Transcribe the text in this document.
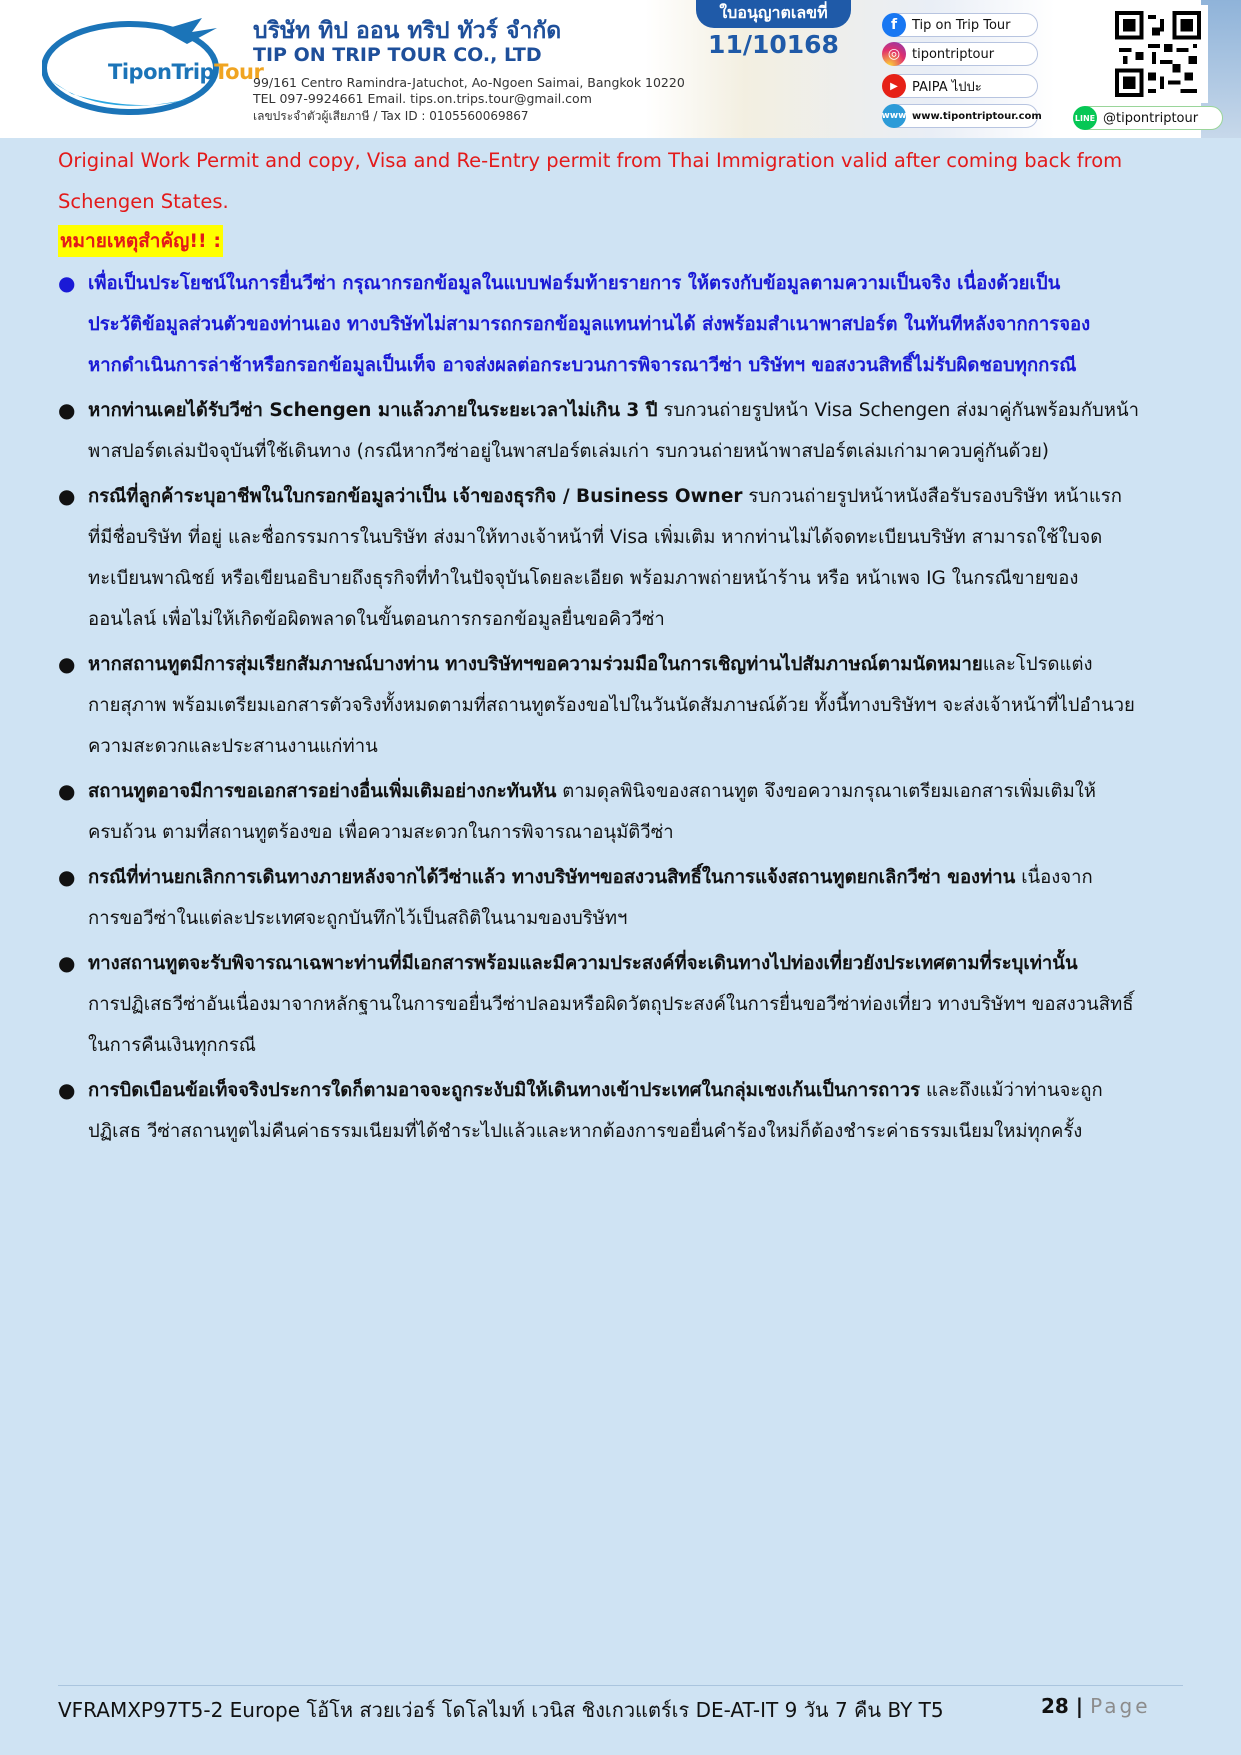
TiponTripTour
บริษัท ทิป ออน ทริป ทัวร์ จำกัด
TIP ON TRIP TOUR CO., LTD
99/161 Centro Ramindra-Jatuchot, Ao-Ngoen Saimai, Bangkok 10220
TEL 097-9924661 Email. tips.on.trips.tour@gmail.com
เลขประจำตัวผู้เสียภาษี / Tax ID : 0105560069867
ใบอนุญาตเลขที่
11/10168
f	Tip on Trip Tour
◎ tipontriptour
▶	PAIPA ไปปะ
www www.tipontriptour.com	LINE @tipontriptour
Original Work Permit and copy, Visa and Re-Entry permit from Thai Immigration valid after coming back from
Schengen States.
หมายเหตุสำคัญ!! :
● เพื่อเป็นประโยชน์ในการยื่นวีซ่า กรุณากรอกข้อมูลในแบบฟอร์มท้ายรายการ ให้ตรงกับข้อมูลตามความเป็นจริง เนื่องด้วยเป็น
ประวัติข้อมูลส่วนตัวของท่านเอง ทางบริษัทไม่สามารถกรอกข้อมูลแทนท่านได้ ส่งพร้อมสำเนาพาสปอร์ต ในทันทีหลังจากการจอง
หากดำเนินการล่าช้าหรือกรอกข้อมูลเป็นเท็จ อาจส่งผลต่อกระบวนการพิจารณาวีซ่า บริษัทฯ ขอสงวนสิทธิ์ไม่รับผิดชอบทุกกรณี
● หากท่านเคยได้รับวีซ่า Schengen มาแล้วภายในระยะเวลาไม่เกิน 3 ปี รบกวนถ่ายรูปหน้า Visa Schengen ส่งมาคู่กันพร้อมกับหน้า
พาสปอร์ตเล่มปัจจุบันที่ใช้เดินทาง (กรณีหากวีซ่าอยู่ในพาสปอร์ตเล่มเก่า รบกวนถ่ายหน้าพาสปอร์ตเล่มเก่ามาควบคู่กันด้วย)
● กรณีที่ลูกค้าระบุอาชีพในใบกรอกข้อมูลว่าเป็น เจ้าของธุรกิจ / Business Owner รบกวนถ่ายรูปหน้าหนังสือรับรองบริษัท หน้าแรก
ที่มีชื่อบริษัท ที่อยู่ และชื่อกรรมการในบริษัท ส่งมาให้ทางเจ้าหน้าที่ Visa เพิ่มเติม หากท่านไม่ได้จดทะเบียนบริษัท สามารถใช้ใบจด
ทะเบียนพาณิชย์ หรือเขียนอธิบายถึงธุรกิจที่ทำในปัจจุบันโดยละเอียด พร้อมภาพถ่ายหน้าร้าน หรือ หน้าเพจ IG ในกรณีขายของ
ออนไลน์ เพื่อไม่ให้เกิดข้อผิดพลาดในขั้นตอนการกรอกข้อมูลยื่นขอคิววีซ่า
● หากสถานทูตมีการสุ่มเรียกสัมภาษณ์บางท่าน ทางบริษัทฯขอความร่วมมือในการเชิญท่านไปสัมภาษณ์ตามนัดหมายและโปรดแต่ง
กายสุภาพ พร้อมเตรียมเอกสารตัวจริงทั้งหมดตามที่สถานทูตร้องขอไปในวันนัดสัมภาษณ์ด้วย ทั้งนี้ทางบริษัทฯ จะส่งเจ้าหน้าที่ไปอำนวย
ความสะดวกและประสานงานแก่ท่าน
● สถานทูตอาจมีการขอเอกสารอย่างอื่นเพิ่มเติมอย่างกะทันหัน ตามดุลพินิจของสถานทูต จึงขอความกรุณาเตรียมเอกสารเพิ่มเติมให้
ครบถ้วน ตามที่สถานทูตร้องขอ เพื่อความสะดวกในการพิจารณาอนุมัติวีซ่า
● กรณีที่ท่านยกเลิกการเดินทางภายหลังจากได้วีซ่าแล้ว ทางบริษัทฯขอสงวนสิทธิ์ในการแจ้งสถานทูตยกเลิกวีซ่า ของท่าน เนื่องจาก
การขอวีซ่าในแต่ละประเทศจะถูกบันทึกไว้เป็นสถิติในนามของบริษัทฯ
● ทางสถานทูตจะรับพิจารณาเฉพาะท่านที่มีเอกสารพร้อมและมีความประสงค์ที่จะเดินทางไปท่องเที่ยวยังประเทศตามที่ระบุเท่านั้น
การปฏิเสธวีซ่าอันเนื่องมาจากหลักฐานในการขอยื่นวีซ่าปลอมหรือผิดวัตถุประสงค์ในการยื่นขอวีซ่าท่องเที่ยว ทางบริษัทฯ ขอสงวนสิทธิ์
ในการคืนเงินทุกกรณี
● การบิดเบือนข้อเท็จจริงประการใดก็ตามอาจจะถูกระงับมิให้เดินทางเข้าประเทศในกลุ่มเชงเก้นเป็นการถาวร และถึงแม้ว่าท่านจะถูก
ปฏิเสธ วีซ่าสถานทูตไม่คืนค่าธรรมเนียมที่ได้ชำระไปแล้วและหากต้องการขอยื่นคำร้องใหม่ก็ต้องชำระค่าธรรมเนียมใหม่ทุกครั้ง
VFRAMXP97T5-2 Europe โอ้โห สวยเว่อร์ โดโลไมท์ เวนิส ชิงเกวแตร์เร DE-AT-IT 9 วัน 7 คืน BY T5	28 | Page
